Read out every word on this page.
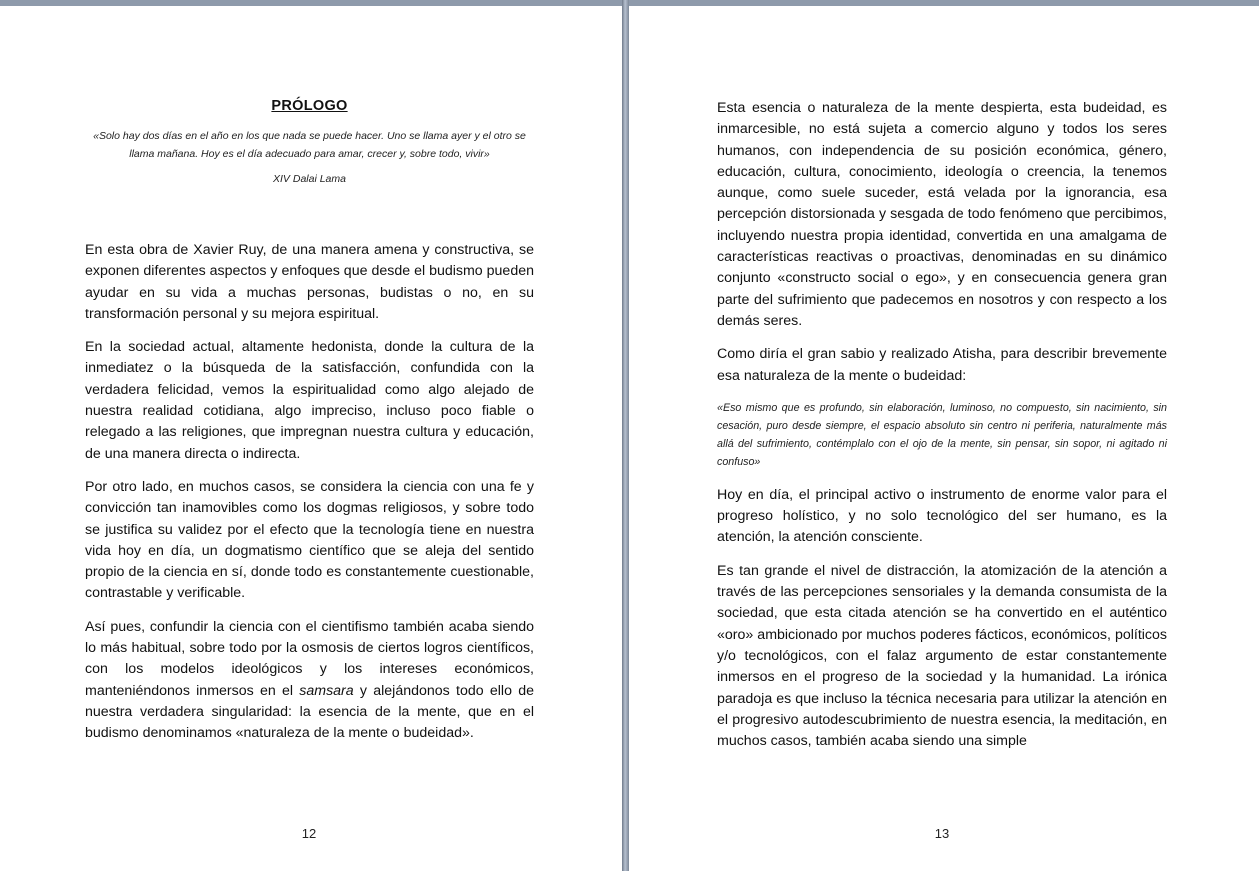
PRÓLOGO

«Solo hay dos días en el año en los que nada se puede hacer. Uno se llama ayer y el otro se llama mañana. Hoy es el día adecuado para amar, crecer y, sobre todo, vivir»

XIV Dalai Lama

En esta obra de Xavier Ruy, de una manera amena y constructiva, se exponen diferentes aspectos y enfoques que desde el budismo pueden ayudar en su vida a muchas personas, budistas o no, en su transformación personal y su mejora espiritual.

En la sociedad actual, altamente hedonista, donde la cultura de la inmediatez o la búsqueda de la satisfacción, confundida con la verdadera felicidad, vemos la espiritualidad como algo alejado de nuestra realidad cotidiana, algo impreciso, incluso poco fiable o relegado a las religiones, que impregnan nuestra cultura y educación, de una manera directa o indirecta.

Por otro lado, en muchos casos, se considera la ciencia con una fe y convicción tan inamovibles como los dogmas religiosos, y sobre todo se justifica su validez por el efecto que la tecnología tiene en nuestra vida hoy en día, un dogmatismo científico que se aleja del sentido propio de la ciencia en sí, donde todo es constantemente cuestionable, contrastable y verificable.

Así pues, confundir la ciencia con el cientifismo también acaba siendo lo más habitual, sobre todo por la osmosis de ciertos logros científicos, con los modelos ideológicos y los intereses económicos, manteniéndonos inmersos en el samsara y alejándonos todo ello de nuestra verdadera singularidad: la esencia de la mente, que en el budismo denominamos «naturaleza de la mente o budeidad».

12

Esta esencia o naturaleza de la mente despierta, esta budeidad, es inmarcesible, no está sujeta a comercio alguno y todos los seres humanos, con independencia de su posición económica, género, educación, cultura, conocimiento, ideología o creencia, la tenemos aunque, como suele suceder, está velada por la ignorancia, esa percepción distorsionada y sesgada de todo fenómeno que percibimos, incluyendo nuestra propia identidad, convertida en una amalgama de características reactivas o proactivas, denominadas en su dinámico conjunto «constructo social o ego», y en consecuencia genera gran parte del sufrimiento que padecemos en nosotros y con respecto a los demás seres.

Como diría el gran sabio y realizado Atisha, para describir brevemente esa naturaleza de la mente o budeidad:

«Eso mismo que es profundo, sin elaboración, luminoso, no compuesto, sin nacimiento, sin cesación, puro desde siempre, el espacio absoluto sin centro ni periferia, naturalmente más allá del sufrimiento, contémplalo con el ojo de la mente, sin pensar, sin sopor, ni agitado ni confuso»

Hoy en día, el principal activo o instrumento de enorme valor para el progreso holístico, y no solo tecnológico del ser humano, es la atención, la atención consciente.

Es tan grande el nivel de distracción, la atomización de la atención a través de las percepciones sensoriales y la demanda consumista de la sociedad, que esta citada atención se ha convertido en el auténtico «oro» ambicionado por muchos poderes fácticos, económicos, políticos y/o tecnológicos, con el falaz argumento de estar constantemente inmersos en el progreso de la sociedad y la humanidad. La irónica paradoja es que incluso la técnica necesaria para utilizar la atención en el progresivo autodescubrimiento de nuestra esencia, la meditación, en muchos casos, también acaba siendo una simple

13
